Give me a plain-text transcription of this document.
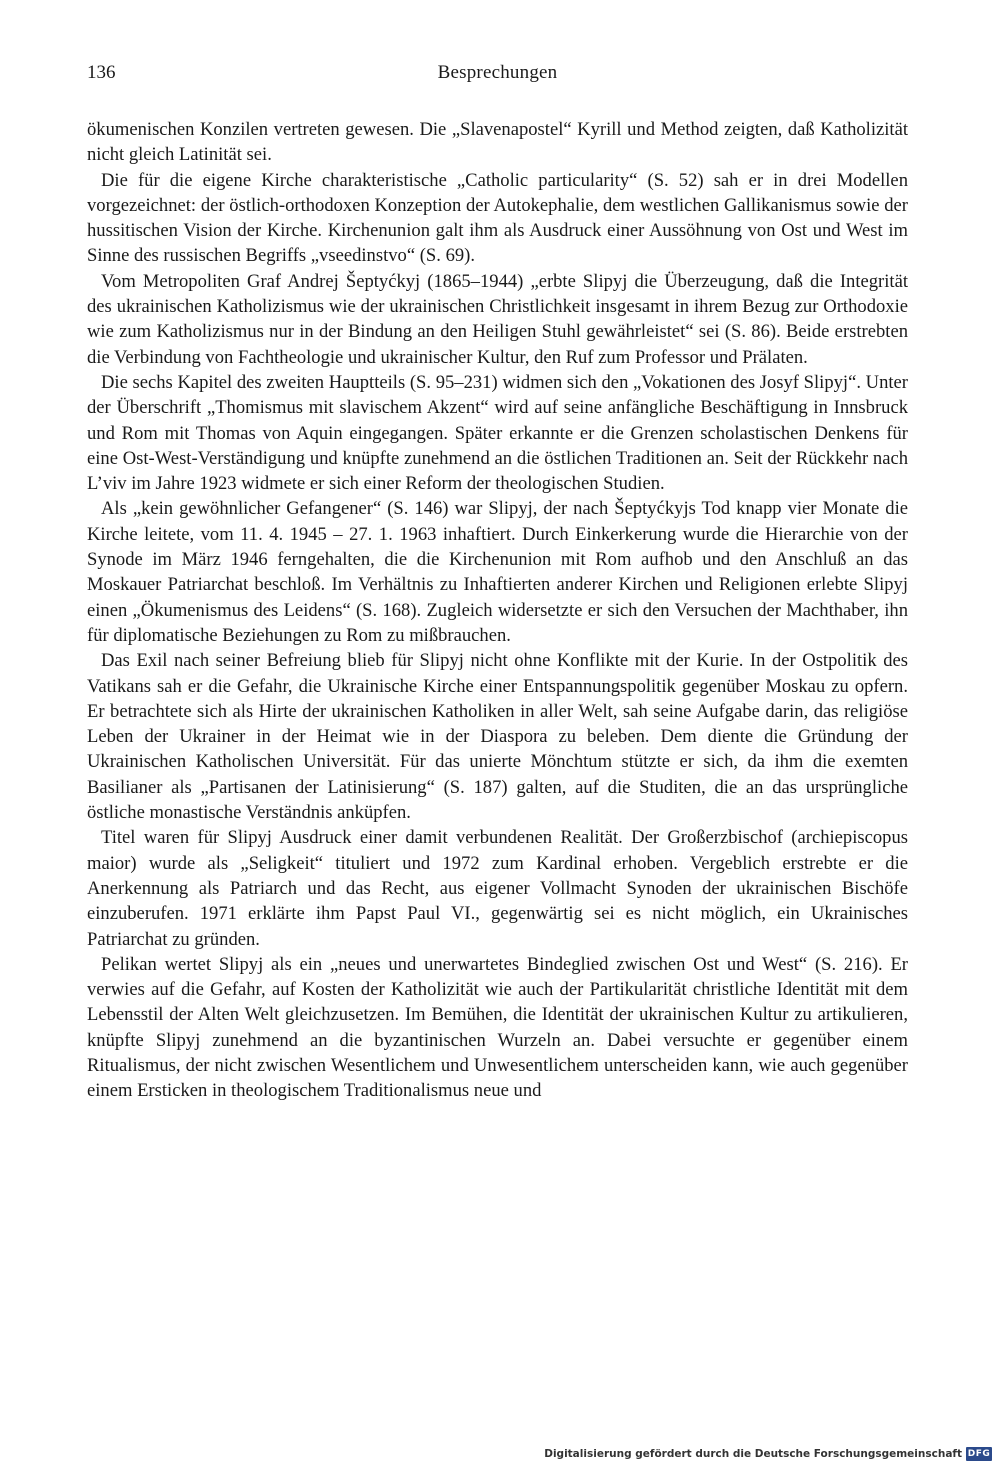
136	Besprechungen

ökumenischen Konzilen vertreten gewesen. Die „Slavenapostel“ Kyrill und Method zeigten, daß Katholizität nicht gleich Latinität sei.

Die für die eigene Kirche charakteristische „Catholic particularity“ (S. 52) sah er in drei Modellen vorgezeichnet: der östlich-orthodoxen Konzeption der Autokephalie, dem westlichen Gallikanismus sowie der hussitischen Vision der Kirche. Kirchenunion galt ihm als Ausdruck einer Aussöhnung von Ost und West im Sinne des russischen Begriffs „vseedinstvo“ (S. 69).

Vom Metropoliten Graf Andrej Šeptyćkyj (1865–1944) „erbte Slipyj die Überzeugung, daß die Integrität des ukrainischen Katholizismus wie der ukrainischen Christlichkeit insgesamt in ihrem Bezug zur Orthodoxie wie zum Katholizismus nur in der Bindung an den Heiligen Stuhl gewährleistet“ sei (S. 86). Beide erstrebten die Verbindung von Fachtheologie und ukrainischer Kultur, den Ruf zum Professor und Prälaten.

Die sechs Kapitel des zweiten Hauptteils (S. 95–231) widmen sich den „Vokationen des Josyf Slipyj“. Unter der Überschrift „Thomismus mit slavischem Akzent“ wird auf seine anfängliche Beschäftigung in Innsbruck und Rom mit Thomas von Aquin eingegangen. Später erkannte er die Grenzen scholastischen Denkens für eine Ost-West-Verständigung und knüpfte zunehmend an die östlichen Traditionen an. Seit der Rückkehr nach L’viv im Jahre 1923 widmete er sich einer Reform der theologischen Studien.

Als „kein gewöhnlicher Gefangener“ (S. 146) war Slipyj, der nach Šeptyćkyjs Tod knapp vier Monate die Kirche leitete, vom 11. 4. 1945 – 27. 1. 1963 inhaftiert. Durch Einkerkerung wurde die Hierarchie von der Synode im März 1946 ferngehalten, die die Kirchenunion mit Rom aufhob und den Anschluß an das Moskauer Patriarchat beschloß. Im Verhältnis zu Inhaftierten anderer Kirchen und Religionen erlebte Slipyj einen „Ökumenismus des Leidens“ (S. 168). Zugleich widersetzte er sich den Versuchen der Machthaber, ihn für diplomatische Beziehungen zu Rom zu mißbrauchen.

Das Exil nach seiner Befreiung blieb für Slipyj nicht ohne Konflikte mit der Kurie. In der Ostpolitik des Vatikans sah er die Gefahr, die Ukrainische Kirche einer Entspannungspolitik gegenüber Moskau zu opfern. Er betrachtete sich als Hirte der ukrainischen Katholiken in aller Welt, sah seine Aufgabe darin, das religiöse Leben der Ukrainer in der Heimat wie in der Diaspora zu beleben. Dem diente die Gründung der Ukrainischen Katholischen Universität. Für das unierte Mönchtum stützte er sich, da ihm die exemten Basilianer als „Partisanen der Latinisierung“ (S. 187) galten, auf die Studiten, die an das ursprüngliche östliche monastische Verständnis anküpfen.

Titel waren für Slipyj Ausdruck einer damit verbundenen Realität. Der Großerzbischof (archiepiscopus maior) wurde als „Seligkeit“ tituliert und 1972 zum Kardinal erhoben. Vergeblich erstrebte er die Anerkennung als Patriarch und das Recht, aus eigener Vollmacht Synoden der ukrainischen Bischöfe einzuberufen. 1971 erklärte ihm Papst Paul VI., gegenwärtig sei es nicht möglich, ein Ukrainisches Patriarchat zu gründen.

Pelikan wertet Slipyj als ein „neues und unerwartetes Bindeglied zwischen Ost und West“ (S. 216). Er verwies auf die Gefahr, auf Kosten der Katholizität wie auch der Partikularität christliche Identität mit dem Lebensstil der Alten Welt gleichzusetzen. Im Bemühen, die Identität der ukrainischen Kultur zu artikulieren, knüpfte Slipyj zunehmend an die byzantinischen Wurzeln an. Dabei versuchte er gegenüber einem Ritualismus, der nicht zwischen Wesentlichem und Unwesentlichem unterscheiden kann, wie auch gegenüber einem Ersticken in theologischem Traditionalismus neue und

Digitalisierung gefördert durch die Deutsche Forschungsgemeinschaft DFG
